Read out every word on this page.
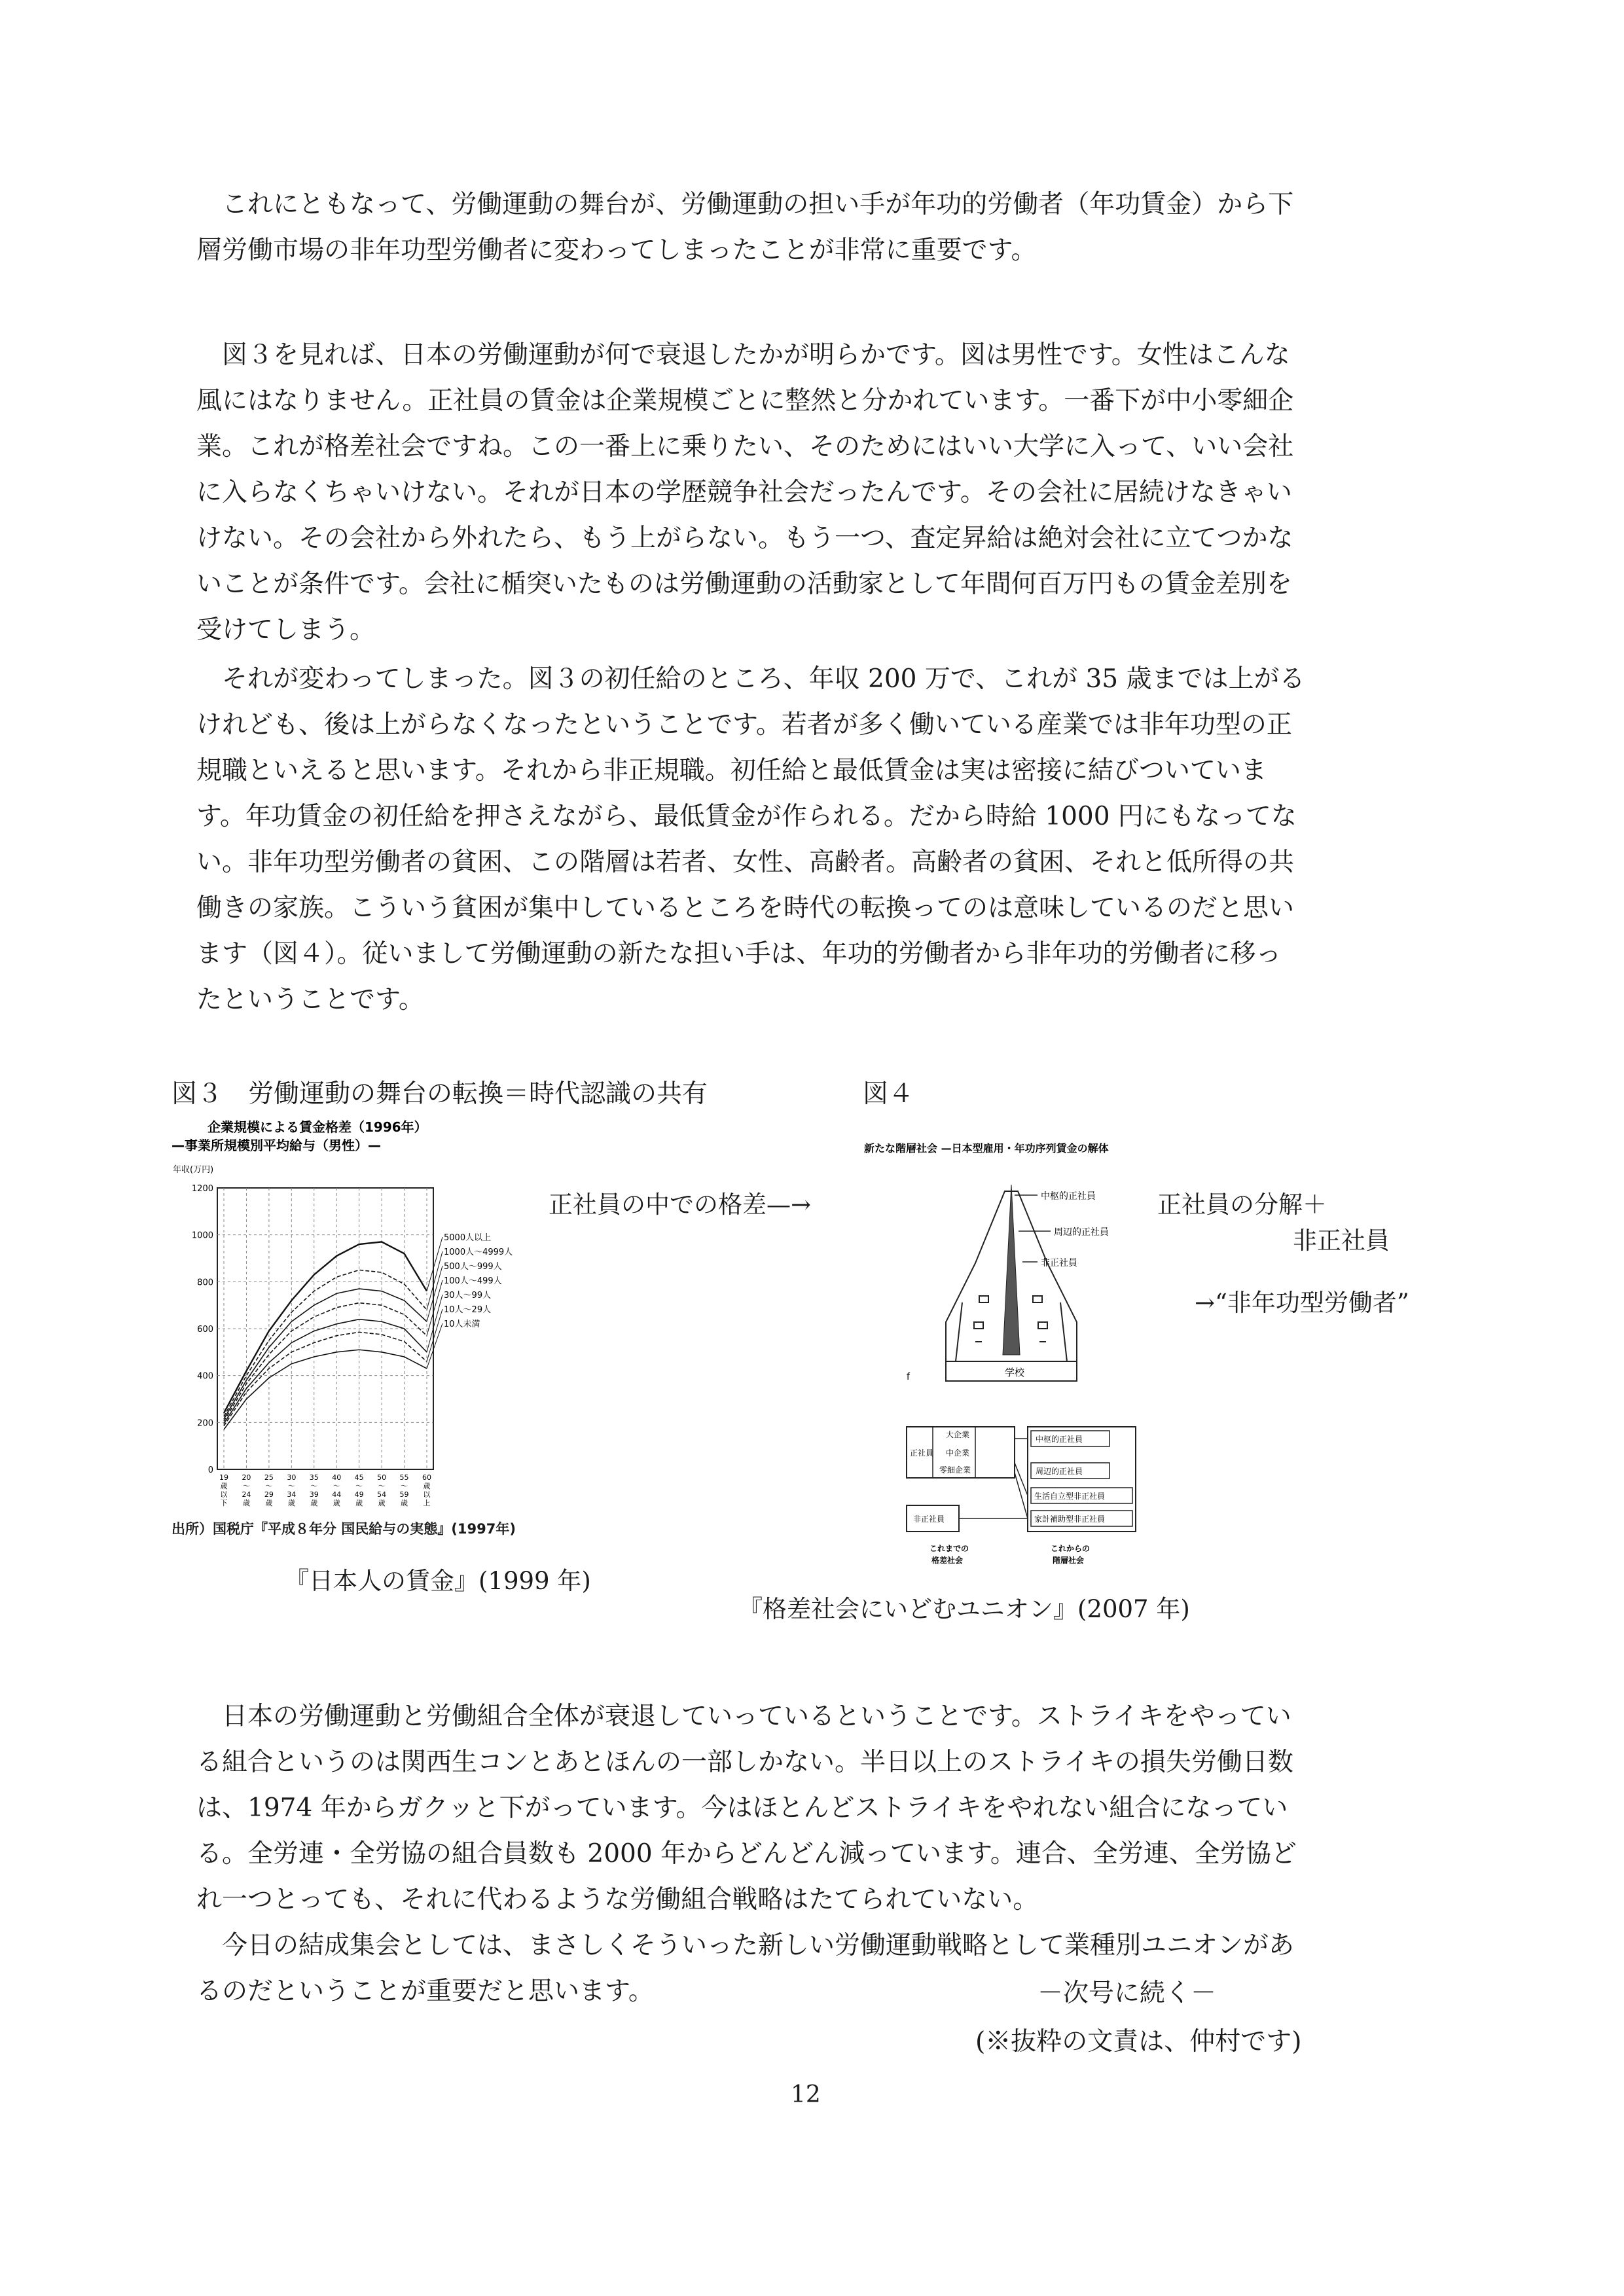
これにともなって、労働運動の舞台が、労働運動の担い手が年功的労働者（年功賃金）から下
層労働市場の非年功型労働者に変わってしまったことが非常に重要です。
図３を見れば、日本の労働運動が何で衰退したかが明らかです。図は男性です。女性はこんな
風にはなりません。正社員の賃金は企業規模ごとに整然と分かれています。一番下が中小零細企
業。これが格差社会ですね。この一番上に乗りたい、そのためにはいい大学に入って、いい会社
に入らなくちゃいけない。それが日本の学歴競争社会だったんです。その会社に居続けなきゃい
けない。その会社から外れたら、もう上がらない。もう一つ、査定昇給は絶対会社に立てつかな
いことが条件です。会社に楯突いたものは労働運動の活動家として年間何百万円もの賃金差別を
受けてしまう。
それが変わってしまった。図３の初任給のところ、年収 200 万で、これが 35 歳までは上がる
けれども、後は上がらなくなったということです。若者が多く働いている産業では非年功型の正
規職といえると思います。それから非正規職。初任給と最低賃金は実は密接に結びついていま
す。年功賃金の初任給を押さえながら、最低賃金が作られる。だから時給 1000 円にもなってな
い。非年功型労働者の貧困、この階層は若者、女性、高齢者。高齢者の貧困、それと低所得の共
働きの家族。こういう貧困が集中しているところを時代の転換ってのは意味しているのだと思い
ます（図４）。従いまして労働運動の新たな担い手は、年功的労働者から非年功的労働者に移っ
たということです。
図３　労働運動の舞台の転換＝時代認識の共有
企業規模による賃金格差（1996年）
—事業所規模別平均給与（男性）—
年収(万円)
1200
1000
800
600
400
200
0
19
歳
以
下
20
～
24
歳
25
～
29
歳
30
～
34
歳
35
～
39
歳
40
～
44
歳
45
～
49
歳
50
～
54
歳
55
～
59
歳
60
歳
以
上
5000人以上
1000人～4999人
500人～999人
100人～499人
30人～99人
10人～29人
10人未満
出所）国税庁『平成８年分 国民給与の実態』(1997年)
『日本人の賃金』(1999 年)
正社員の中での格差—→
図４
新たな階層社会 —日本型雇用・年功序列賃金の解体
学校
f
中枢的正社員
周辺的正社員
非正社員
正社員
大企業
中企業
零細企業
非正社員
中枢的正社員
周辺的正社員
生活自立型非正社員
家計補助型非正社員
これまでの
格差社会
これからの
階層社会
正社員の分解＋
非正社員
→“非年功型労働者”
『格差社会にいどむユニオン』(2007 年)
日本の労働運動と労働組合全体が衰退していっているということです。ストライキをやってい
る組合というのは関西生コンとあとほんの一部しかない。半日以上のストライキの損失労働日数
は、1974 年からガクッと下がっています。今はほとんどストライキをやれない組合になってい
る。全労連・全労協の組合員数も 2000 年からどんどん減っています。連合、全労連、全労協ど
れ一つとっても、それに代わるような労働組合戦略はたてられていない。
今日の結成集会としては、まさしくそういった新しい労働運動戦略として業種別ユニオンがあ
るのだということが重要だと思います。	－次号に続く－
(※抜粋の文責は、仲村です)
12
